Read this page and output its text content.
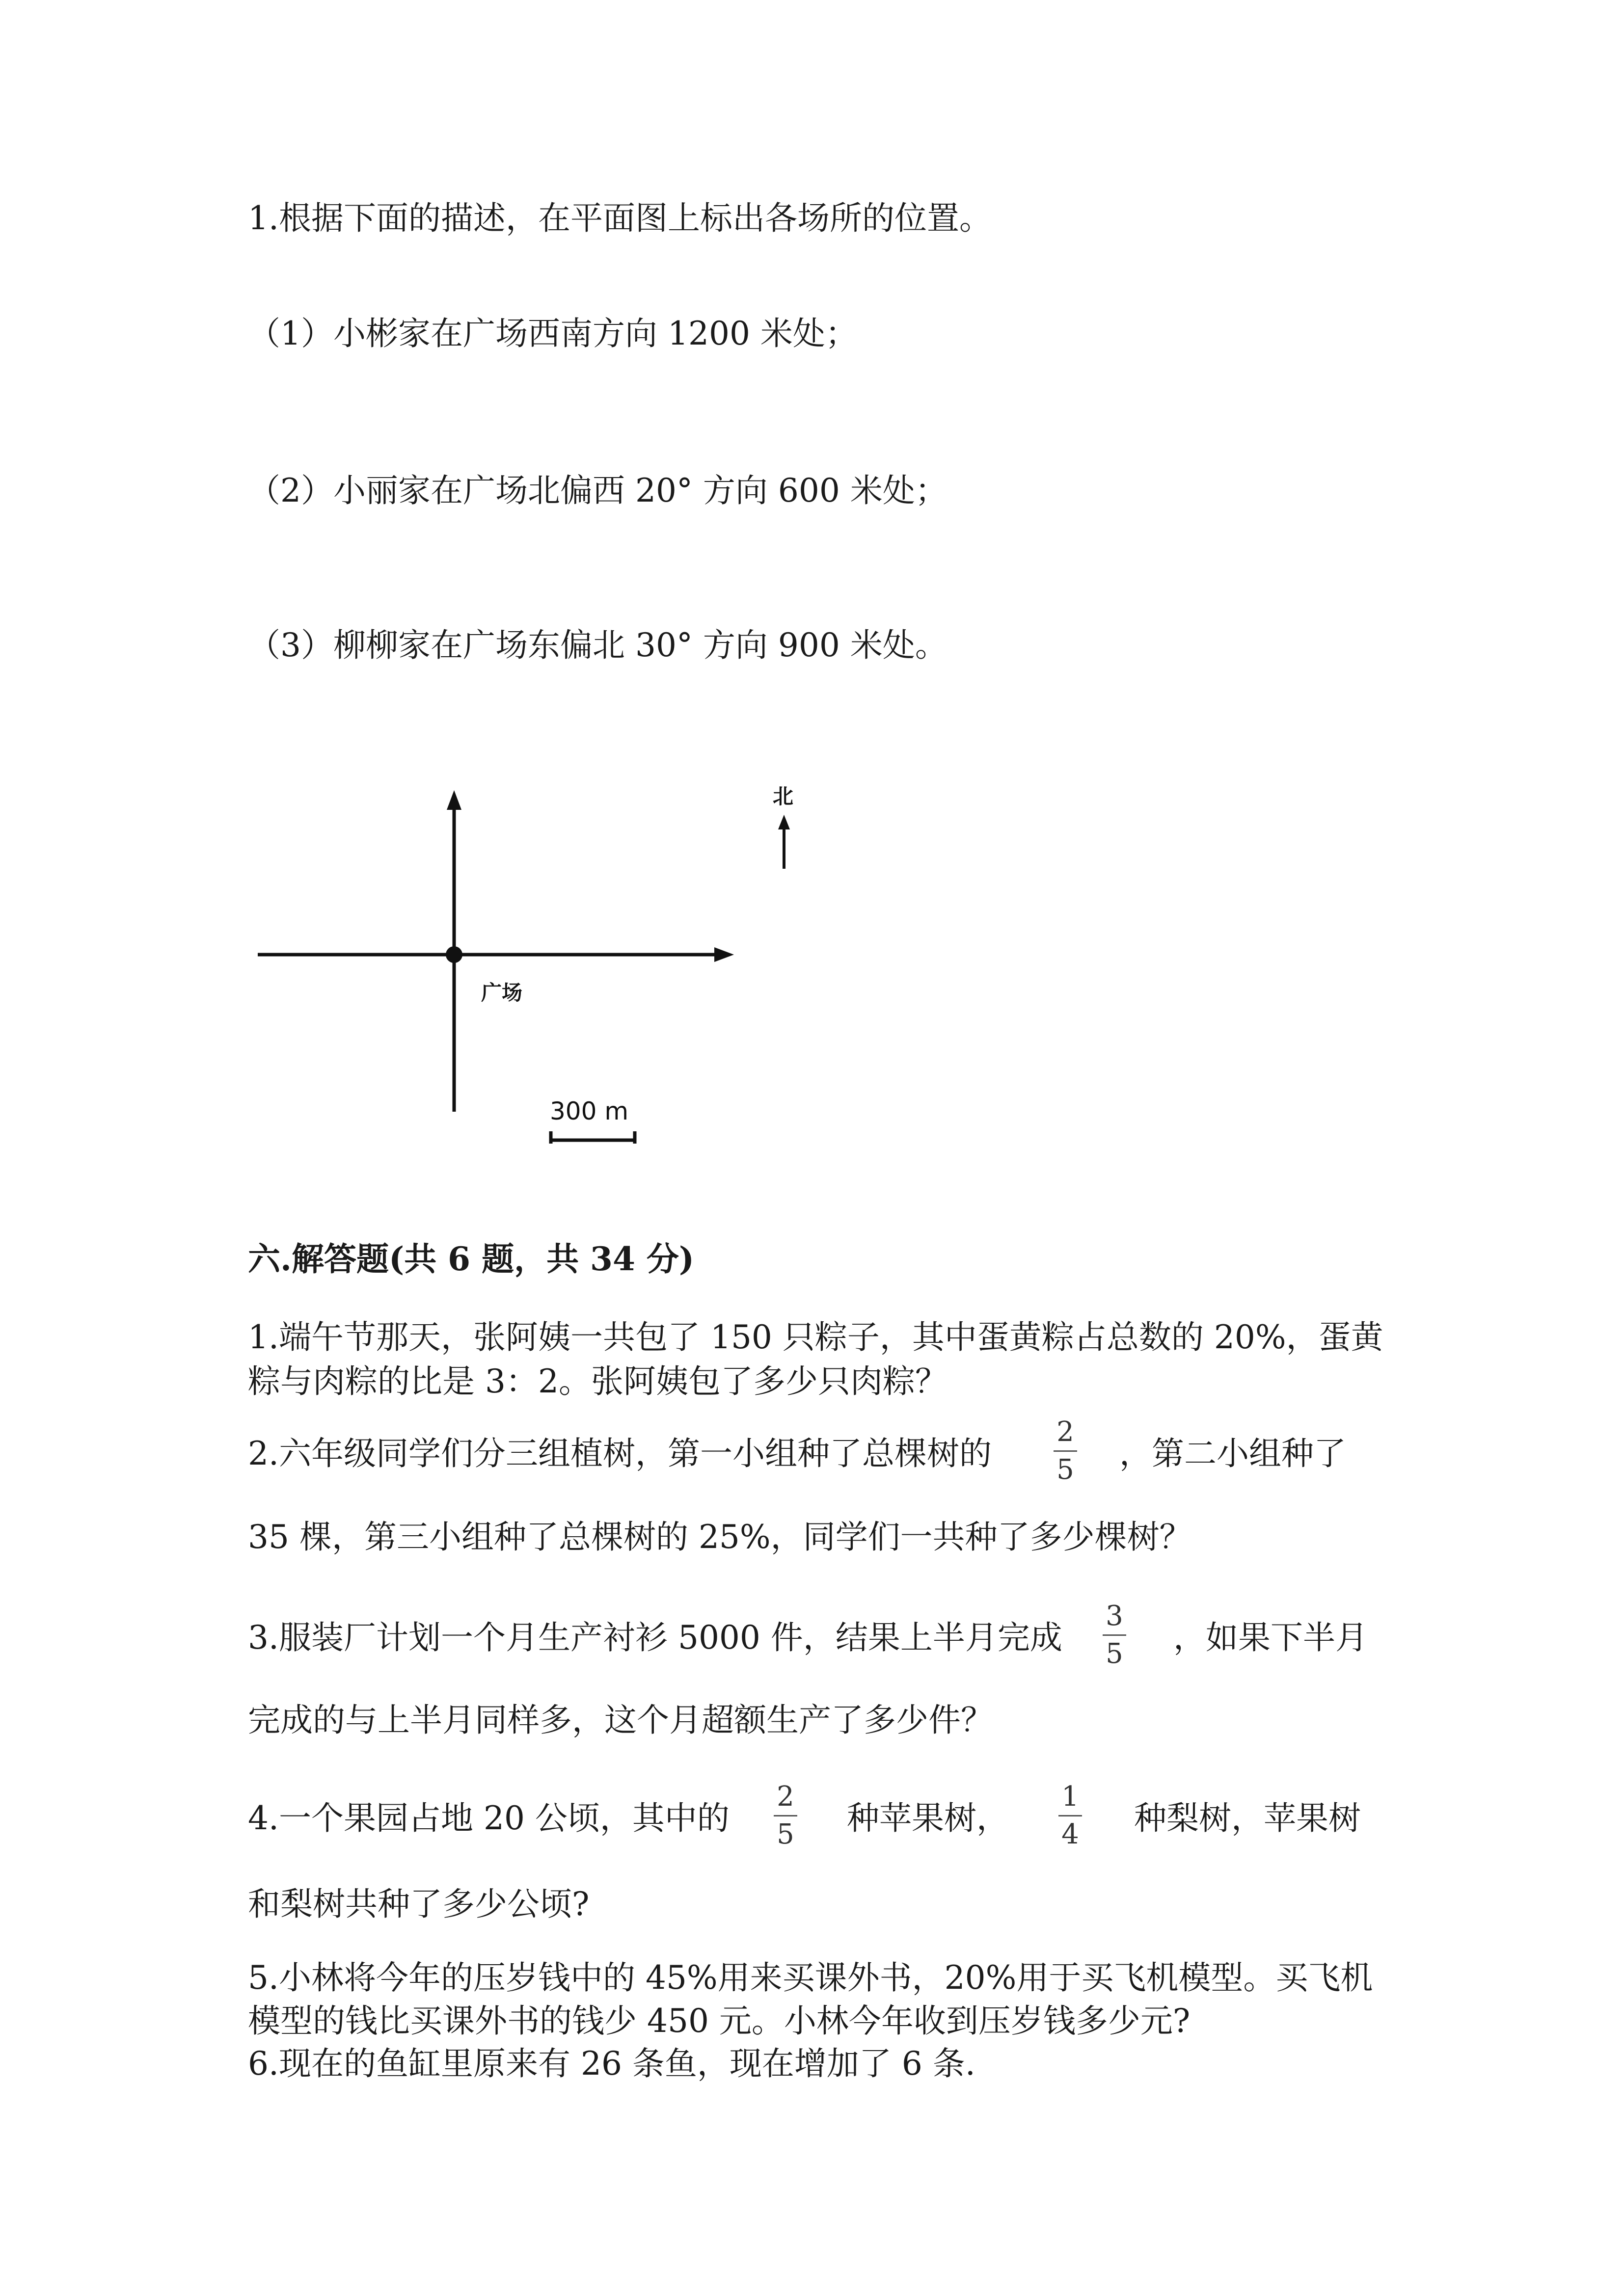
1.根据下面的描述，在平面图上标出各场所的位置。
（1）小彬家在广场西南方向 1200 米处；
（2）小丽家在广场北偏西 20° 方向 600 米处；
（3）柳柳家在广场东偏北 30° 方向 900 米处。
北
广场
300 m
六.解答题(共 6 题，共 34 分)
1.端午节那天，张阿姨一共包了 150 只粽子，其中蛋黄粽占总数的 20%，蛋黄
粽与肉粽的比是 3：2。张阿姨包了多少只肉粽？
2.六年级同学们分三组植树，第一小组种了总棵树的
2
5 ，第二小组种了
35 棵，第三小组种了总棵树的 25%，同学们一共种了多少棵树？
3.服装厂计划一个月生产衬衫 5000 件，结果上半月完成
3
5 ，如果下半月
完成的与上半月同样多，这个月超额生产了多少件？
4.一个果园占地 20 公顷，其中的
2
5 种苹果树，
1
4 种梨树，苹果树
和梨树共种了多少公顷?
5.小林将今年的压岁钱中的 45%用来买课外书，20%用于买飞机模型。买飞机
模型的钱比买课外书的钱少 450 元。小林今年收到压岁钱多少元?
6.现在的鱼缸里原来有 26 条鱼，现在增加了 6 条.
